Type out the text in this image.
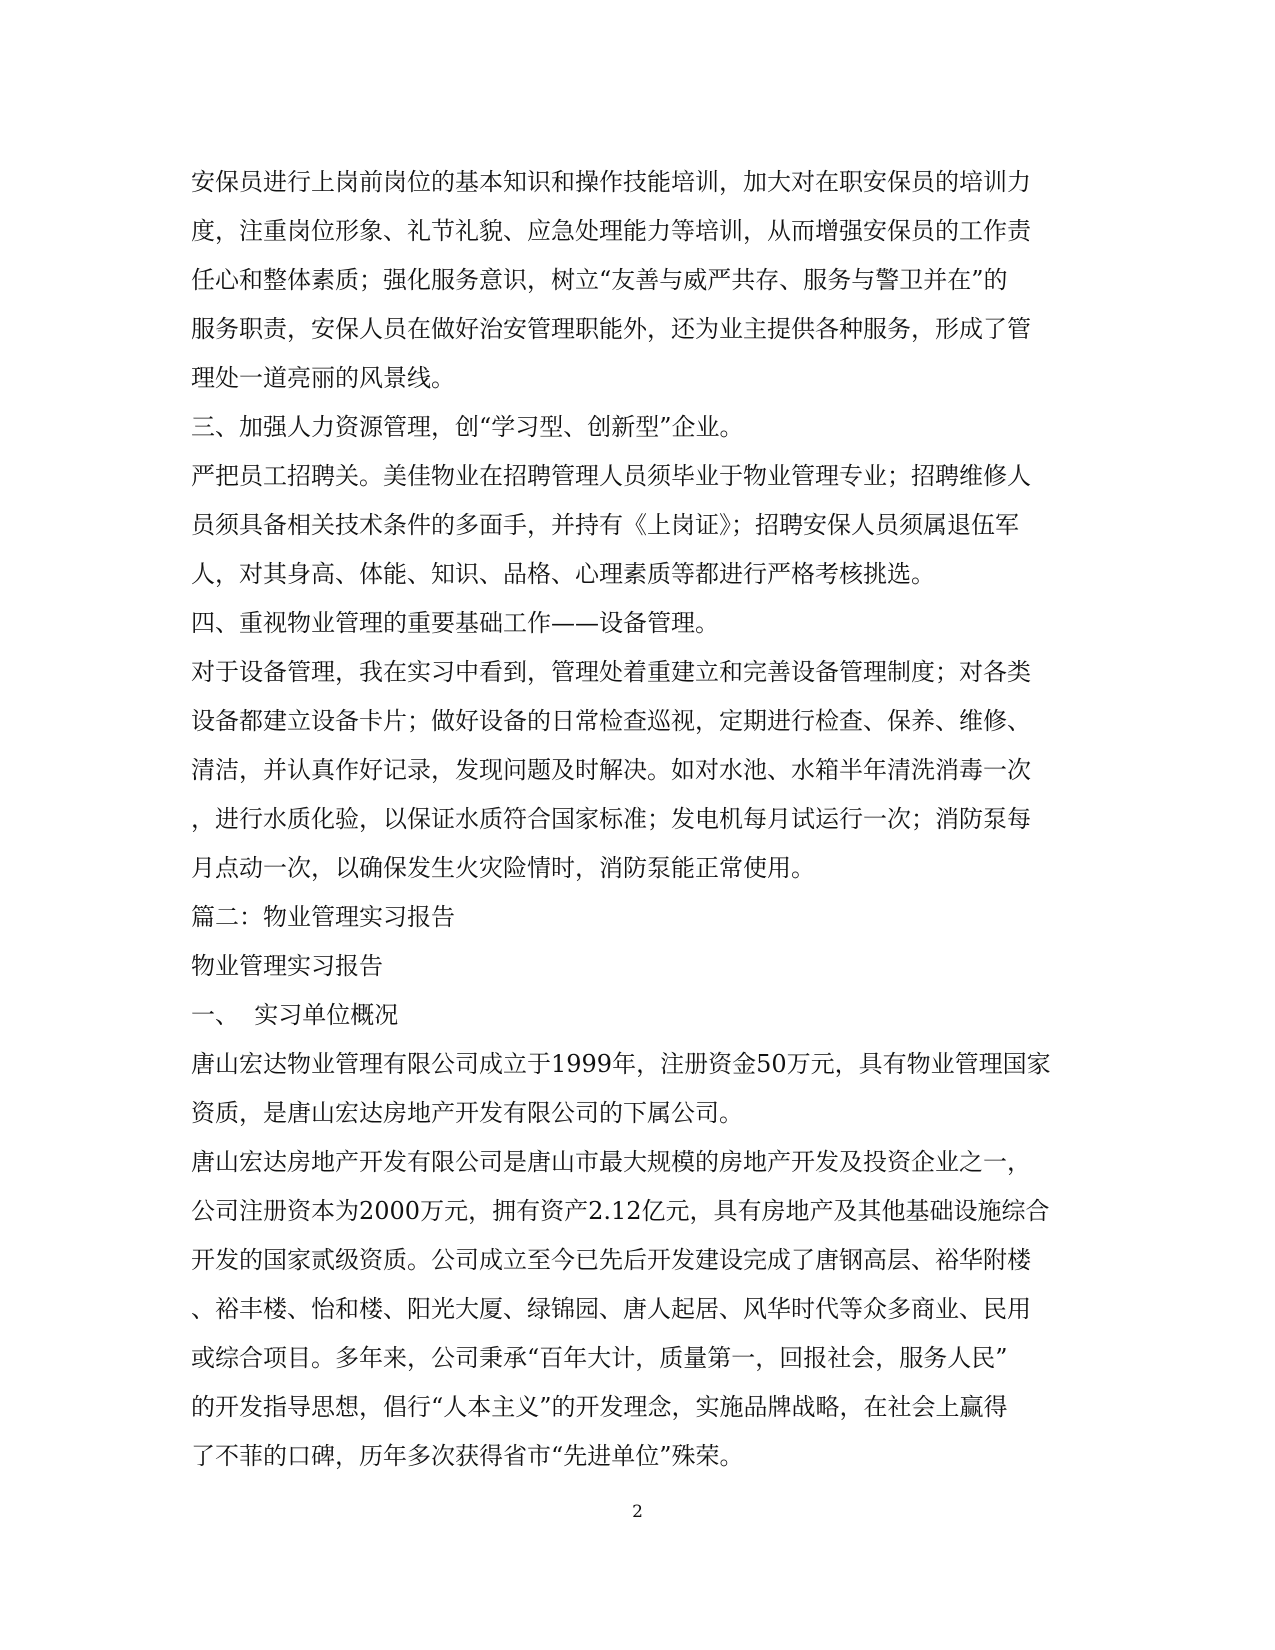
安保员进行上岗前岗位的基本知识和操作技能培训，加大对在职安保员的培训力
度，注重岗位形象、礼节礼貌、应急处理能力等培训，从而增强安保员的工作责
任心和整体素质；强化服务意识，树立“友善与威严共存、服务与警卫并在”的
服务职责，安保人员在做好治安管理职能外，还为业主提供各种服务，形成了管
理处一道亮丽的风景线。
三、加强人力资源管理，创“学习型、创新型”企业。
严把员工招聘关。美佳物业在招聘管理人员须毕业于物业管理专业；招聘维修人
员须具备相关技术条件的多面手，并持有《上岗证》；招聘安保人员须属退伍军
人，对其身高、体能、知识、品格、心理素质等都进行严格考核挑选。
四、重视物业管理的重要基础工作——设备管理。
对于设备管理，我在实习中看到，管理处着重建立和完善设备管理制度；对各类
设备都建立设备卡片；做好设备的日常检查巡视，定期进行检查、保养、维修、
清洁，并认真作好记录，发现问题及时解决。如对水池、水箱半年清洗消毒一次
，进行水质化验，以保证水质符合国家标准；发电机每月试运行一次；消防泵每
月点动一次，以确保发生火灾险情时，消防泵能正常使用。
篇二：物业管理实习报告
物业管理实习报告
一、  实习单位概况
唐山宏达物业管理有限公司成立于1999年，注册资金50万元，具有物业管理国家
资质，是唐山宏达房地产开发有限公司的下属公司。
唐山宏达房地产开发有限公司是唐山市最大规模的房地产开发及投资企业之一，
公司注册资本为2000万元，拥有资产2.12亿元，具有房地产及其他基础设施综合
开发的国家贰级资质。公司成立至今已先后开发建设完成了唐钢高层、裕华附楼
、裕丰楼、怡和楼、阳光大厦、绿锦园、唐人起居、风华时代等众多商业、民用
或综合项目。多年来，公司秉承“百年大计，质量第一，回报社会，服务人民”
的开发指导思想，倡行“人本主义”的开发理念，实施品牌战略，在社会上赢得
了不菲的口碑，历年多次获得省市“先进单位”殊荣。
2
